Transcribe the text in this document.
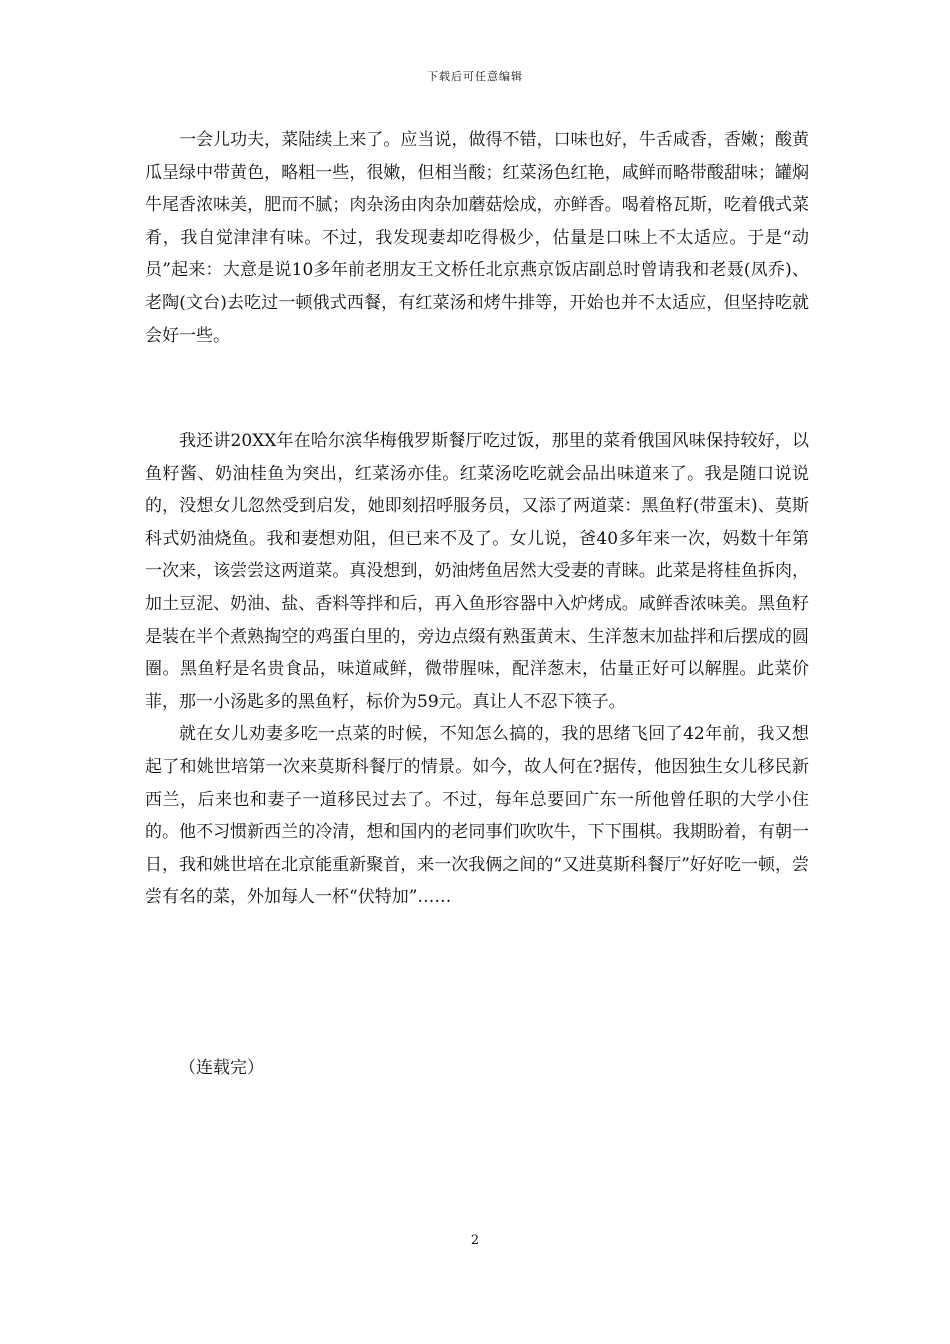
下载后可任意编辑

一会儿功夫，菜陆续上来了。应当说，做得不错，口味也好，牛舌咸香，香嫩；酸黄瓜呈绿中带黄色，略粗一些，很嫩，但相当酸；红菜汤色红艳，咸鲜而略带酸甜味；罐焖牛尾香浓味美，肥而不腻；肉杂汤由肉杂加蘑菇烩成，亦鲜香。喝着格瓦斯，吃着俄式菜肴，我自觉津津有味。不过，我发现妻却吃得极少，估量是口味上不太适应。于是“动员”起来：大意是说10多年前老朋友王文桥任北京燕京饭店副总时曾请我和老聂(凤乔)、老陶(文台)去吃过一顿俄式西餐，有红菜汤和烤牛排等，开始也并不太适应，但坚持吃就会好一些。

我还讲20XX年在哈尔滨华梅俄罗斯餐厅吃过饭，那里的菜肴俄国风味保持较好，以鱼籽酱、奶油桂鱼为突出，红菜汤亦佳。红菜汤吃吃就会品出味道来了。我是随口说说的，没想女儿忽然受到启发，她即刻招呼服务员，又添了两道菜：黑鱼籽(带蛋末)、莫斯科式奶油烧鱼。我和妻想劝阻，但已来不及了。女儿说，爸40多年来一次，妈数十年第一次来，该尝尝这两道菜。真没想到，奶油烤鱼居然大受妻的青睐。此菜是将桂鱼拆肉，加土豆泥、奶油、盐、香料等拌和后，再入鱼形容器中入炉烤成。咸鲜香浓味美。黑鱼籽是装在半个煮熟掏空的鸡蛋白里的，旁边点缀有熟蛋黄末、生洋葱末加盐拌和后摆成的圆圈。黑鱼籽是名贵食品，味道咸鲜，微带腥味，配洋葱末，估量正好可以解腥。此菜价菲，那一小汤匙多的黑鱼籽，标价为59元。真让人不忍下筷子。

就在女儿劝妻多吃一点菜的时候，不知怎么搞的，我的思绪飞回了42年前，我又想起了和姚世培第一次来莫斯科餐厅的情景。如今，故人何在?据传，他因独生女儿移民新西兰，后来也和妻子一道移民过去了。不过，每年总要回广东一所他曾任职的大学小住的。他不习惯新西兰的冷清，想和国内的老同事们吹吹牛，下下围棋。我期盼着，有朝一日，我和姚世培在北京能重新聚首，来一次我俩之间的“又进莫斯科餐厅”好好吃一顿，尝尝有名的菜，外加每人一杯“伏特加”……

（连载完）

2
